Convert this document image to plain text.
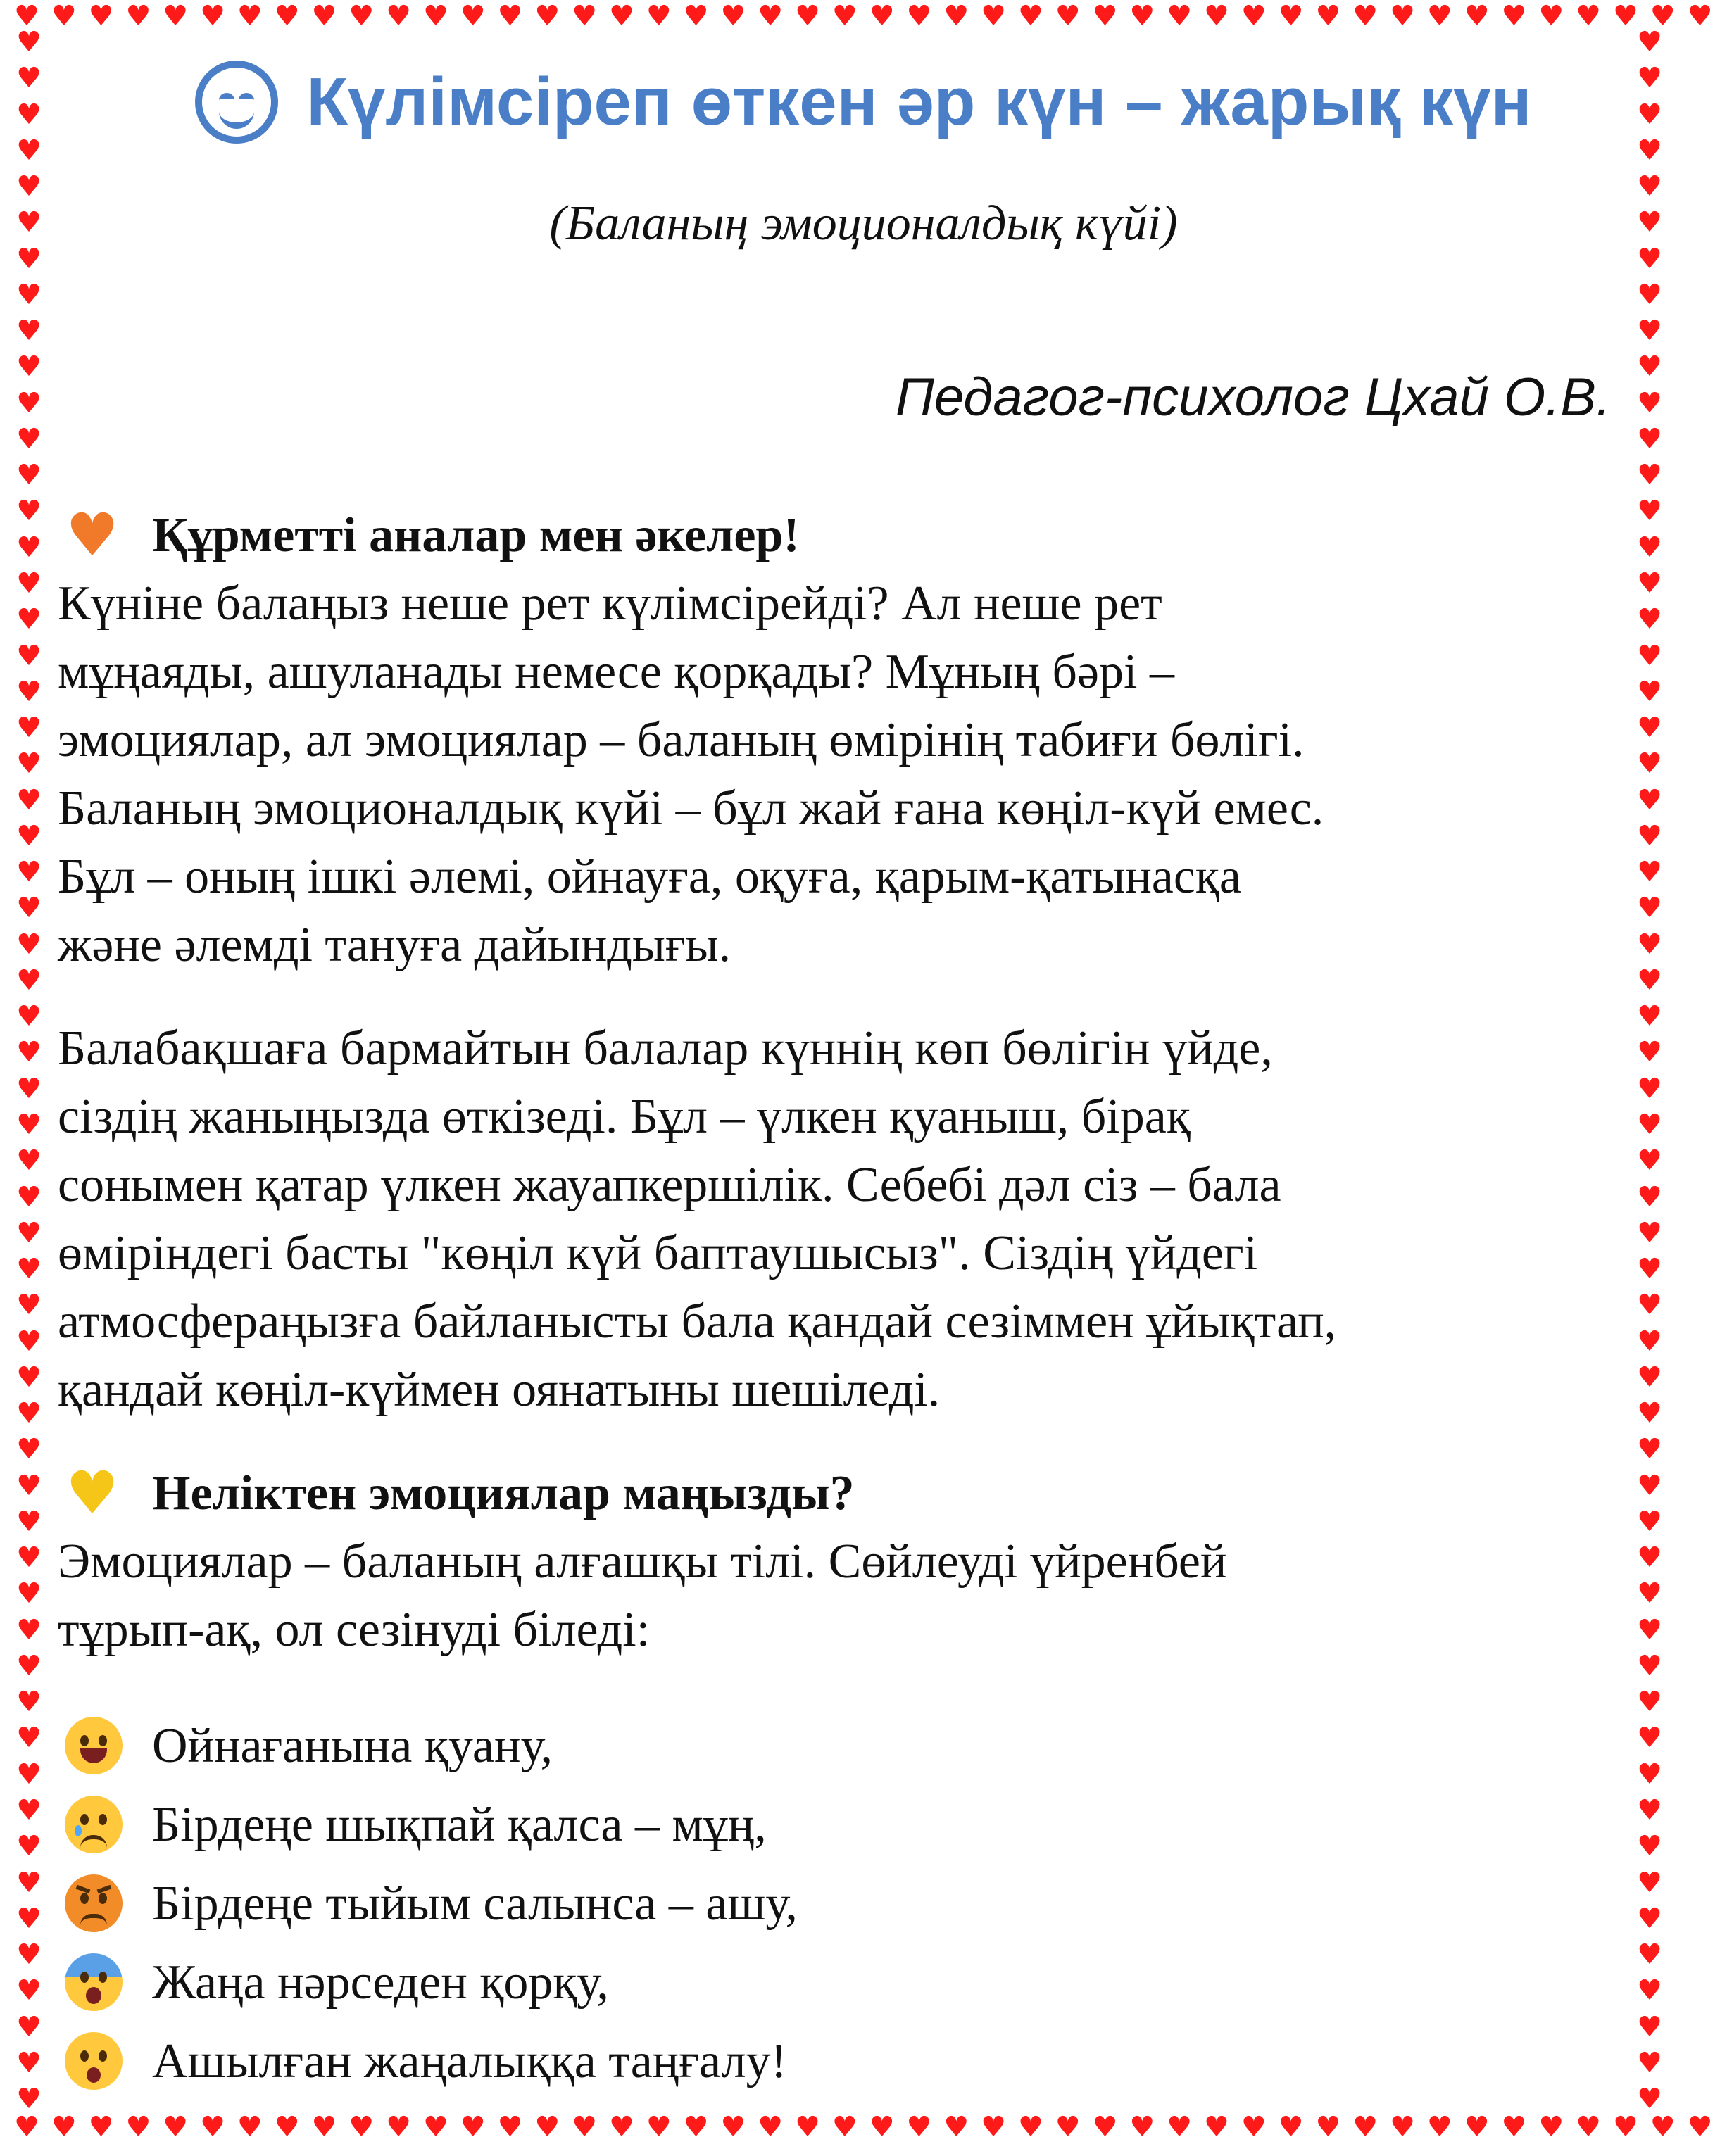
♥ ♥ ♥ ♥ ♥ ♥ ♥ ♥ ♥ ♥ ♥ ♥ ♥ ♥ ♥ ♥ ♥ ♥ ♥ ♥ ♥ ♥ ♥ ♥ ♥ ♥ ♥ ♥ ♥ ♥ ♥ ♥ ♥ ♥ ♥ ♥ ♥ ♥ ♥ ♥ ♥ ♥ ♥ ♥ ♥ ♥
♥ ♥ ♥ ♥ ♥ ♥ ♥ ♥ ♥ ♥ ♥ ♥ ♥ ♥ ♥ ♥ ♥ ♥ ♥ ♥ ♥ ♥ ♥ ♥ ♥ ♥ ♥ ♥ ♥ ♥ ♥ ♥ ♥ ♥ ♥ ♥ ♥ ♥ ♥ ♥ ♥ ♥ ♥ ♥ ♥ ♥
♥
♥
♥
♥
♥
♥
♥
♥
♥
♥
♥
♥
♥
♥
♥
♥
♥
♥
♥
♥
♥
♥
♥
♥
♥
♥
♥
♥
♥
♥
♥
♥
♥
♥
♥
♥
♥
♥
♥
♥
♥
♥
♥
♥
♥
♥
♥
♥
♥
♥
♥
♥
♥
♥
♥
♥
♥
♥
♥
♥
♥
♥
♥
♥
♥
♥
♥
♥
♥
♥
♥
♥
♥
♥
♥
♥
♥
♥
♥
♥
♥
♥
♥
♥
♥
♥
♥
♥
♥
♥
♥
♥
♥
♥
♥
♥
♥
♥
♥
♥
♥
♥
♥
♥
♥
♥
♥
♥
♥
♥
♥
♥
♥
♥
♥
♥
Күлімсіреп өткен әр күн – жарық күн
(Баланың эмоционалдық күйі)
Педагог-психолог Цхай О.В.
♥ Құрметті аналар мен әкелер!

Күніне балаңыз неше рет күлімсірейді? Ал неше рет

мұңаяды, ашуланады немесе қорқады? Мұның бәрі –

эмоциялар, ал эмоциялар – баланың өмірінің табиғи бөлігі.

Баланың эмоционалдық күйі – бұл жай ғана көңіл-күй емес.

Бұл – оның ішкі әлемі, ойнауға, оқуға, қарым-қатынасқа

және әлемді тануға дайындығы.

Балабақшаға бармайтын балалар күннің көп бөлігін үйде,

сіздің жаныңызда өткізеді. Бұл – үлкен қуаныш, бірақ

сонымен қатар үлкен жауапкершілік. Себебі дәл сіз – бала

өміріндегі басты "көңіл күй баптаушысыз". Сіздің үйдегі

атмосфераңызға байланысты бала қандай сезіммен ұйықтап,

қандай көңіл-күймен оянатыны шешіледі.

♥ Неліктен эмоциялар маңызды?

Эмоциялар – баланың алғашқы тілі. Сөйлеуді үйренбей

тұрып-ақ, ол сезінуді біледі:

Ойнағанына қуану,
Бірдеңе шықпай қалса – мұң,
Бірдеңе тыйым салынса – ашу,
Жаңа нәрседен қорқу,
Ашылған жаңалыққа таңғалу!
